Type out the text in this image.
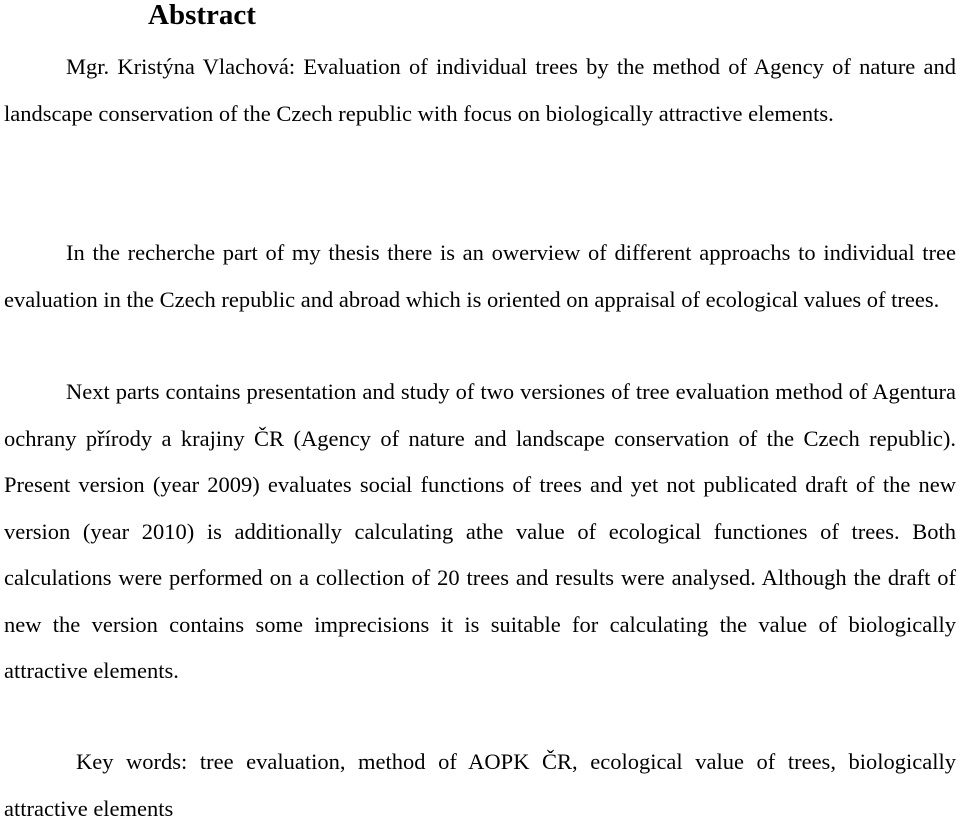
Abstract

Mgr. Kristýna Vlachová: Evaluation of individual trees by the method of Agency of nature and landscape conservation of the Czech republic with focus on biologically attractive elements.

In the recherche part of my thesis there is an owerview of different approachs to individual tree evaluation in the Czech republic and abroad which is oriented on appraisal of ecological values of trees.

Next parts contains presentation and study of two versiones of tree evaluation method of Agentura ochrany přírody a krajiny ČR (Agency of nature and landscape conservation of the Czech republic). Present version (year 2009) evaluates social functions of trees and yet not publicated draft of the new version (year 2010) is additionally calculating athe value of ecological functiones of trees. Both calculations were performed on a collection of 20 trees and results were analysed. Although the draft of new the version contains some imprecisions it is suitable for calculating the value of biologically attractive elements.

Key words: tree evaluation, method of AOPK ČR, ecological value of trees, biologically attractive elements
